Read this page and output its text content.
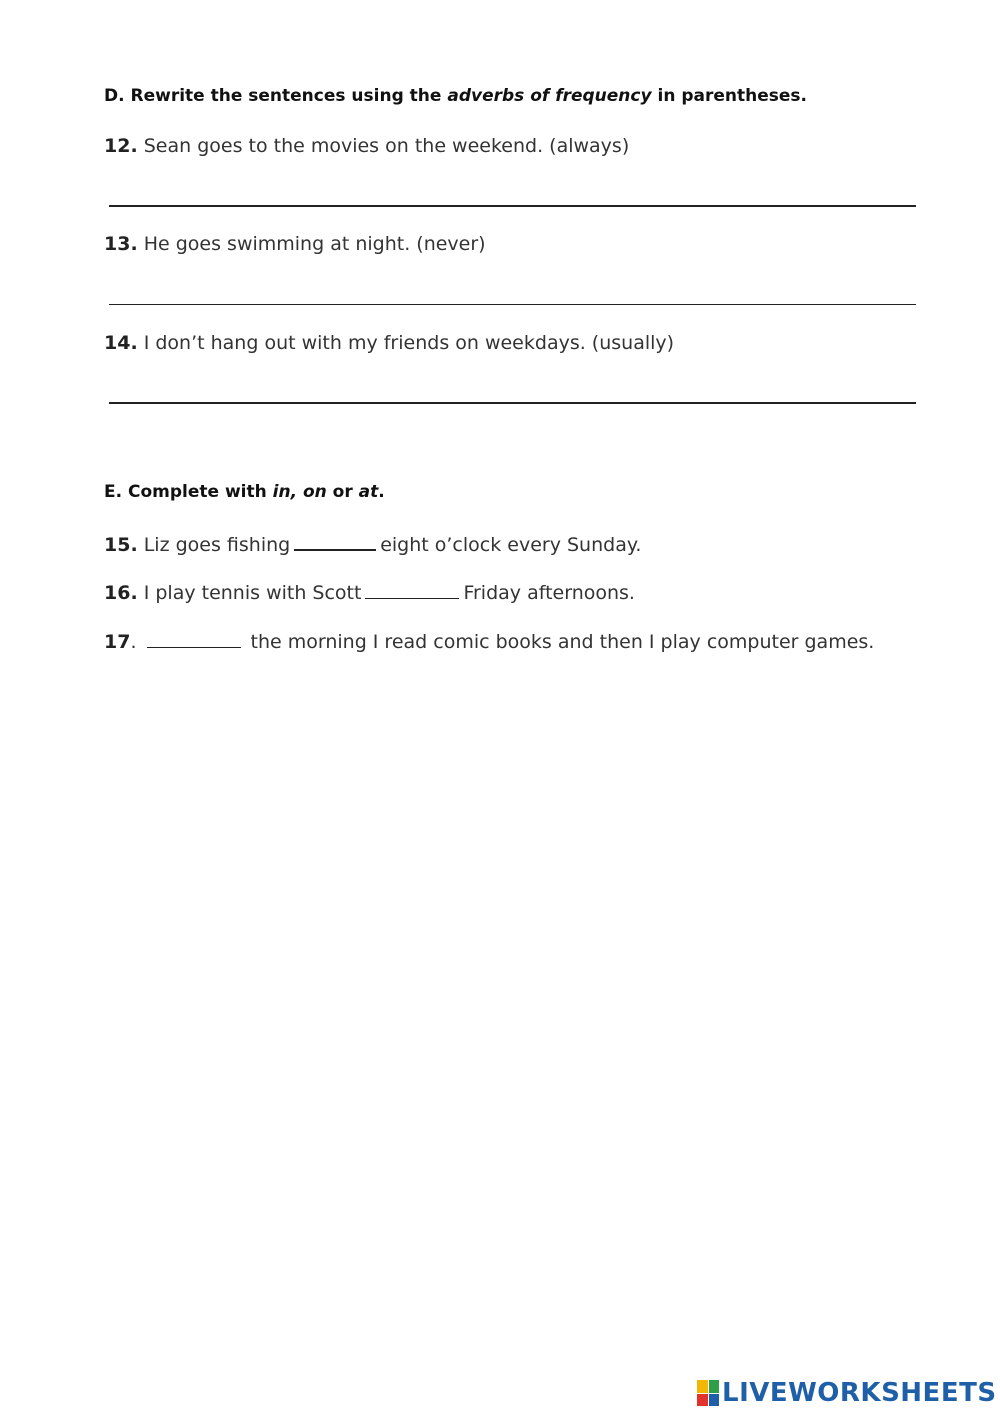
D. Rewrite the sentences using the adverbs of frequency in parentheses.
12. Sean goes to the movies on the weekend. (always)
13. He goes swimming at night. (never)
14. I don’t hang out with my friends on weekdays. (usually)
E. Complete with in, on or at.
15. Liz goes fishing	eight o’clock every Sunday.
16. I play tennis with Scott	Friday afternoons.
17.	the morning I read comic books and then I play computer games.
LIVEWORKSHEETS
